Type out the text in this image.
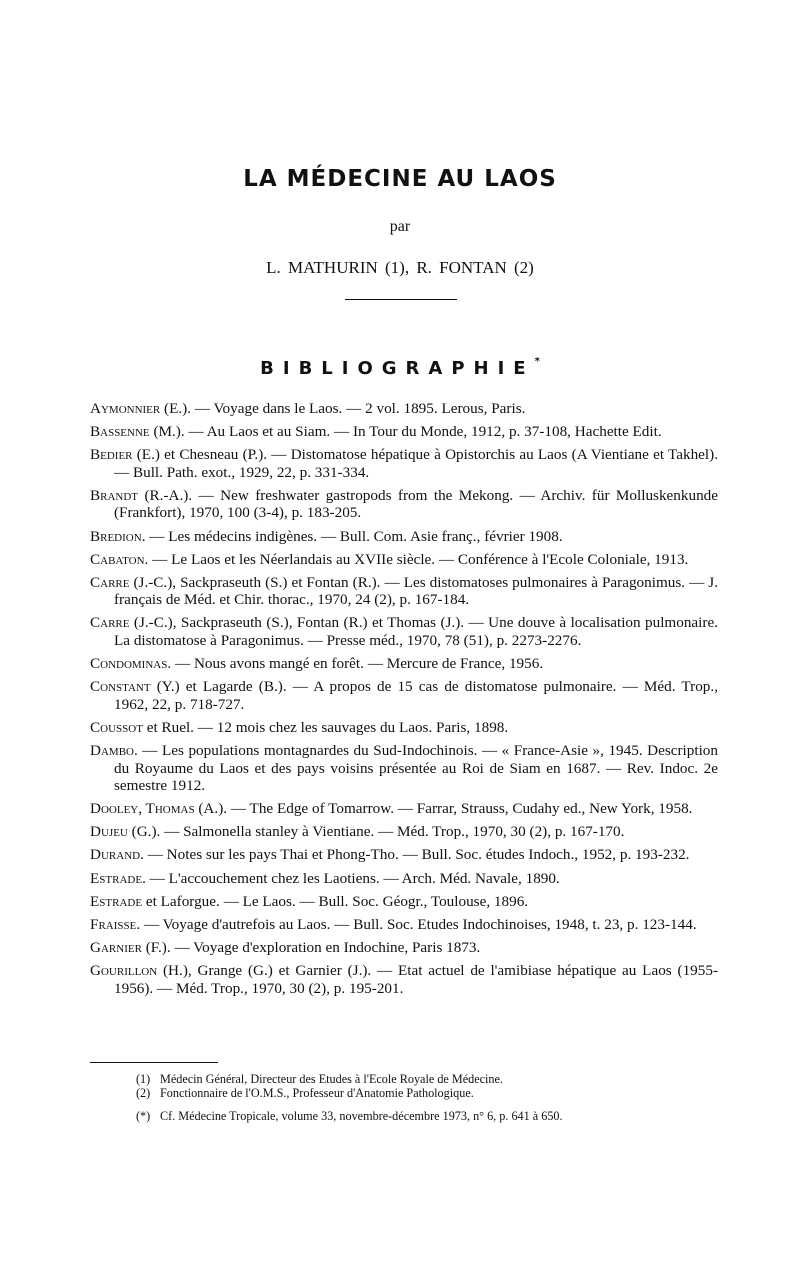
LA MÉDECINE AU LAOS
par
L. MATHURIN (1), R. FONTAN (2)
BIBLIOGRAPHIE*

Aymonnier (E.). — Voyage dans le Laos. — 2 vol. 1895. Lerous, Paris.

Bassenne (M.). — Au Laos et au Siam. — In Tour du Monde, 1912, p. 37-108, Hachette Edit.

Bedier (E.) et Chesneau (P.). — Distomatose hépatique à Opistorchis au Laos (A Vientiane et Takhel). — Bull. Path. exot., 1929, 22, p. 331-334.

Brandt (R.-A.). — New freshwater gastropods from the Mekong. — Archiv. für Molluskenkunde (Frankfort), 1970, 100 (3-4), p. 183-205.

Bredion. — Les médecins indigènes. — Bull. Com. Asie franç., février 1908.

Cabaton. — Le Laos et les Néerlandais au XVIIe siècle. — Conférence à l'Ecole Coloniale, 1913.

Carre (J.-C.), Sackpraseuth (S.) et Fontan (R.). — Les distomatoses pulmonaires à Paragonimus. — J. français de Méd. et Chir. thorac., 1970, 24 (2), p. 167-184.

Carre (J.-C.), Sackpraseuth (S.), Fontan (R.) et Thomas (J.). — Une douve à localisation pulmonaire. La distomatose à Paragonimus. — Presse méd., 1970, 78 (51), p. 2273-2276.

Condominas. — Nous avons mangé en forêt. — Mercure de France, 1956.

Constant (Y.) et Lagarde (B.). — A propos de 15 cas de distomatose pulmonaire. — Méd. Trop., 1962, 22, p. 718-727.

Coussot et Ruel. — 12 mois chez les sauvages du Laos. Paris, 1898.

Dambo. — Les populations montagnardes du Sud-Indochinois. — « France-Asie », 1945. Description du Royaume du Laos et des pays voisins présentée au Roi de Siam en 1687. — Rev. Indoc. 2e semestre 1912.

Dooley, Thomas (A.). — The Edge of Tomarrow. — Farrar, Strauss, Cudahy ed., New York, 1958.

Dujeu (G.). — Salmonella stanley à Vientiane. — Méd. Trop., 1970, 30 (2), p. 167-170.

Durand. — Notes sur les pays Thai et Phong-Tho. — Bull. Soc. études Indoch., 1952, p. 193-232.

Estrade. — L'accouchement chez les Laotiens. — Arch. Méd. Navale, 1890.

Estrade et Laforgue. — Le Laos. — Bull. Soc. Géogr., Toulouse, 1896.

Fraisse. — Voyage d'autrefois au Laos. — Bull. Soc. Etudes Indochinoises, 1948, t. 23, p. 123-144.

Garnier (F.). — Voyage d'exploration en Indochine, Paris 1873.

Gourillon (H.), Grange (G.) et Garnier (J.). — Etat actuel de l'amibiase hépatique au Laos (1955-1956). — Méd. Trop., 1970, 30 (2), p. 195-201.

(1) Médecin Général, Directeur des Etudes à l'Ecole Royale de Médecine.

(2) Fonctionnaire de l'O.M.S., Professeur d'Anatomie Pathologique.

(*) Cf. Médecine Tropicale, volume 33, novembre-décembre 1973, n° 6, p. 641 à 650.
